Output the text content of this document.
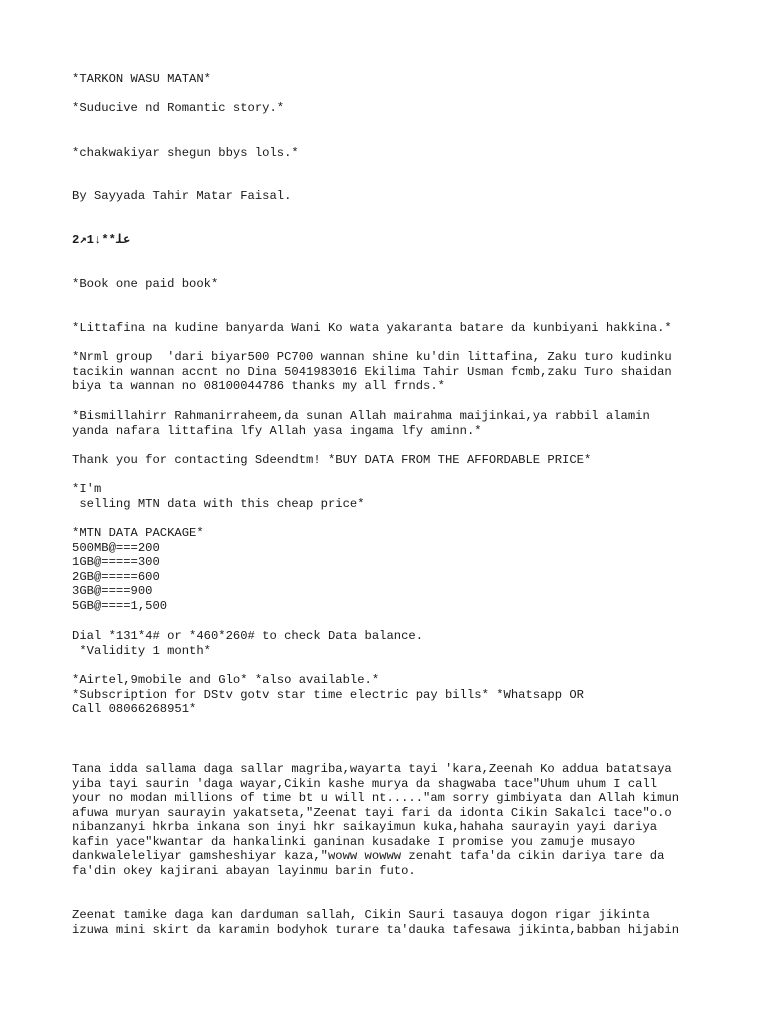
*TARKON WASU MATAN*

*Suducive nd Romantic story.*

*chakwakiyar shegun bbys lols.*

By Sayyada Tahir Matar Faisal.

ﻋﻠ**↓1↗2

*Book one paid book*

*Littafina na kudine banyarda Wani Ko wata yakaranta batare da kunbiyani hakkina.*

*Nrml group  'dari biyar500 PC700 wannan shine ku'din littafina, Zaku turo kudinku

tacikin wannan accnt no Dina 5041983016 Ekilima Tahir Usman fcmb,zaku Turo shaidan

biya ta wannan no 08100044786 thanks my all frnds.*

*Bismillahirr Rahmanirraheem,da sunan Allah mairahma maijinkai,ya rabbil alamin

yanda nafara littafina lfy Allah yasa ingama lfy aminn.*

Thank you for contacting Sdeendtm! *BUY DATA FROM THE AFFORDABLE PRICE*

*I'm

selling MTN data with this cheap price*

*MTN DATA PACKAGE*

500MB@===200

1GB@=====300

2GB@=====600

3GB@====900

5GB@====1,500

Dial *131*4# or *460*260# to check Data balance.

*Validity 1 month*

*Airtel,9mobile and Glo* *also available.*

*Subscription for DStv gotv star time electric pay bills* *Whatsapp OR

Call 08066268951*

Tana idda sallama daga sallar magriba,wayarta tayi 'kara,Zeenah Ko addua batatsaya

yiba tayi saurin 'daga wayar,Cikin kashe murya da shagwaba tace"Uhum uhum I call

your no modan millions of time bt u will nt....."am sorry gimbiyata dan Allah kimun

afuwa muryan saurayin yakatseta,"Zeenat tayi fari da idonta Cikin Sakalci tace"o.o

nibanzanyi hkrba inkana son inyi hkr saikayimun kuka,hahaha saurayin yayi dariya

kafin yace"kwantar da hankalinki ganinan kusadake I promise you zamuje musayo

dankwaleleliyar gamsheshiyar kaza,"woww wowww zenaht tafa'da cikin dariya tare da

fa'din okey kajirani abayan layinmu barin futo.

Zeenat tamike daga kan darduman sallah, Cikin Sauri tasauya dogon rigar jikinta

izuwa mini skirt da karamin bodyhok turare ta'dauka tafesawa jikinta,babban hijabin
